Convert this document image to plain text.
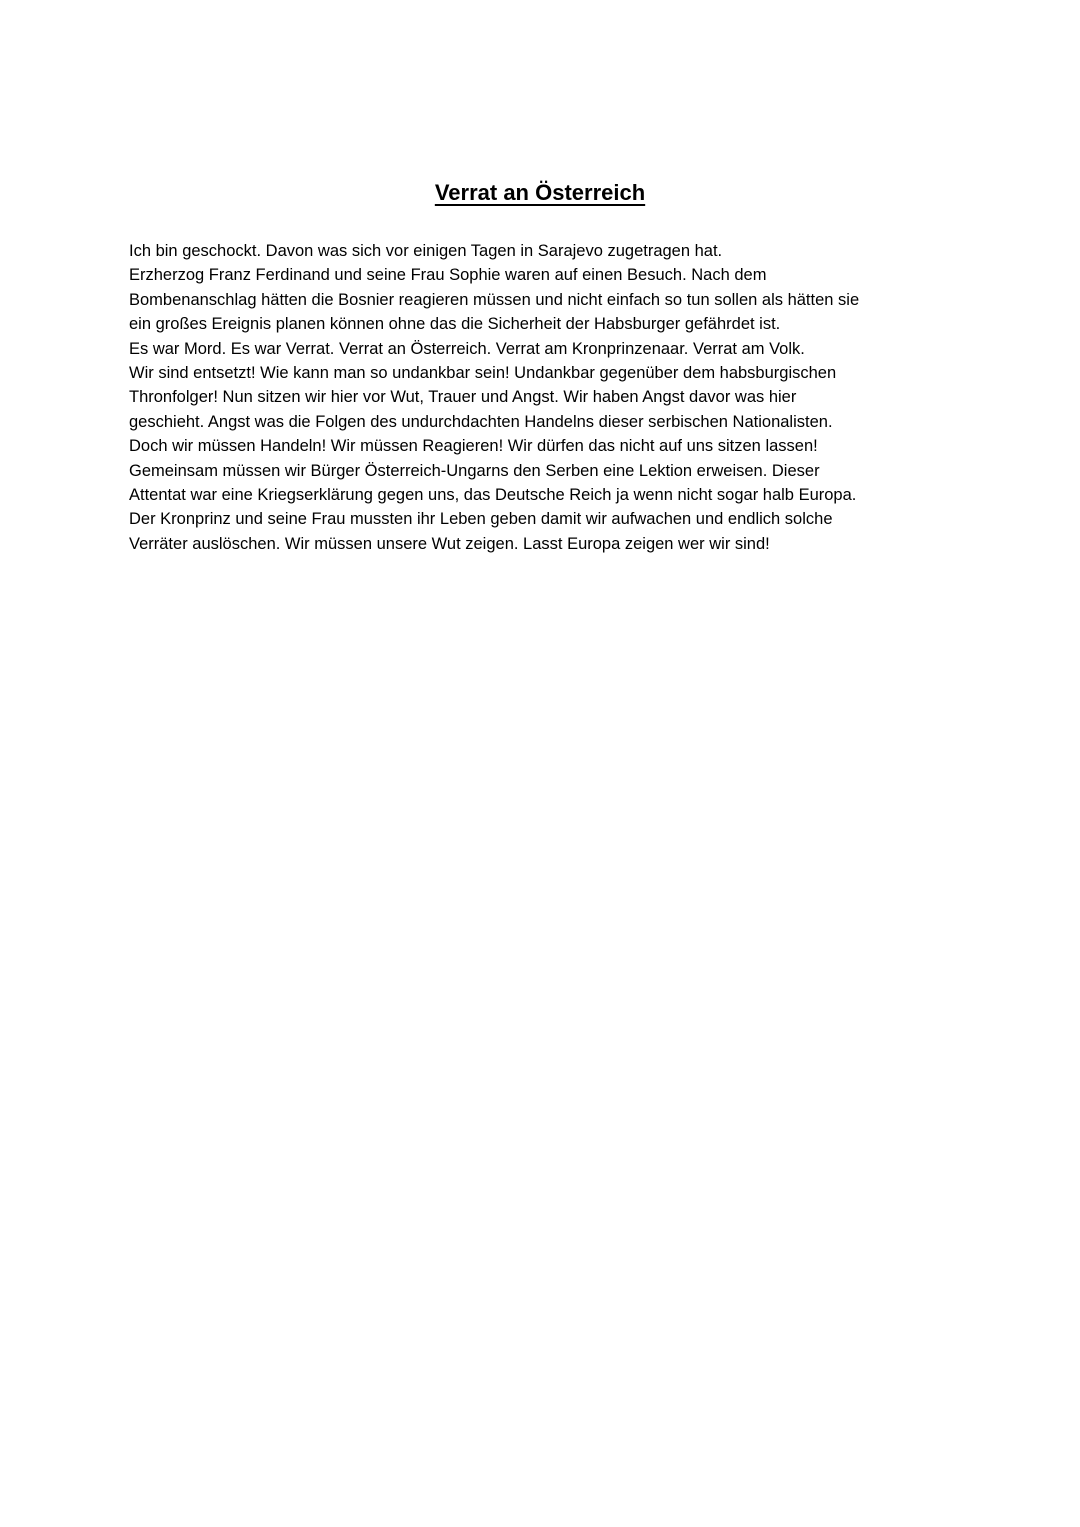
Verrat an Österreich
Ich bin geschockt. Davon was sich vor einigen Tagen in Sarajevo zugetragen hat.
Erzherzog Franz Ferdinand und seine Frau Sophie waren auf einen Besuch. Nach dem
Bombenanschlag hätten die Bosnier reagieren müssen und nicht einfach so tun sollen als hätten sie
ein großes Ereignis planen können ohne das die Sicherheit der Habsburger gefährdet ist.
Es war Mord. Es war Verrat. Verrat an Österreich. Verrat am Kronprinzenaar. Verrat am Volk.
Wir sind entsetzt! Wie kann man so undankbar sein! Undankbar gegenüber dem habsburgischen
Thronfolger! Nun sitzen wir hier vor Wut, Trauer und Angst. Wir haben Angst davor was hier
geschieht. Angst was die Folgen des undurchdachten Handelns dieser serbischen Nationalisten.
Doch wir müssen Handeln! Wir müssen Reagieren! Wir dürfen das nicht auf uns sitzen lassen!
Gemeinsam müssen wir Bürger Österreich-Ungarns den Serben eine Lektion erweisen. Dieser
Attentat war eine Kriegserklärung gegen uns, das Deutsche Reich ja wenn nicht sogar halb Europa.
Der Kronprinz und seine Frau mussten ihr Leben geben damit wir aufwachen und endlich solche
Verräter auslöschen. Wir müssen unsere Wut zeigen. Lasst Europa zeigen wer wir sind!
